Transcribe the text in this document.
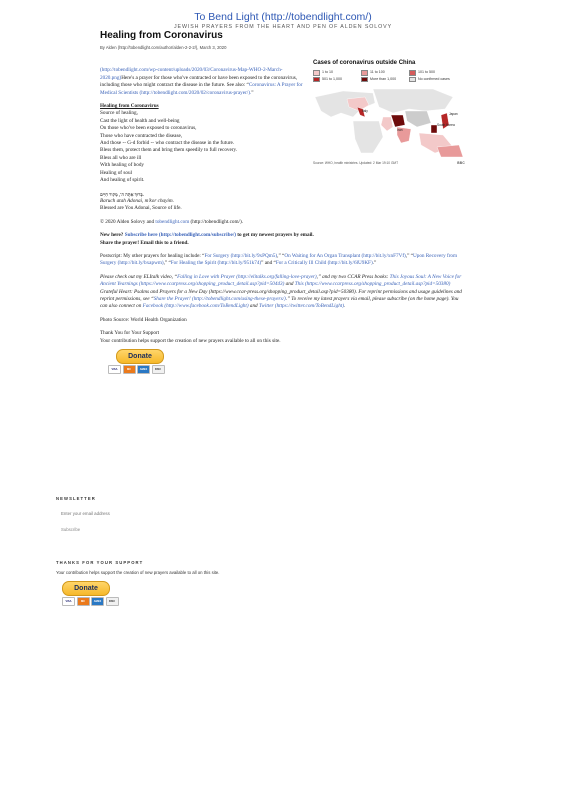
To Bend Light (http://tobendlight.com/)
JEWISH PRAYERS FROM THE HEART AND PEN OF ALDEN SOLOVY
Healing from Coronavirus
By Alden (http://tobendlight.com/author/alden-2-2-2/), March 3, 2020
(http://tobendlight.com/wp-content/uploads/2020/03/Coronavirus-Map-WHO-2-March-2020.png)Here's a prayer for those who've contracted or have been exposed to the coronavirus, including those who might contract the disease in the future. See also: “Coronavirus: A Prayer for Medical Scientists (http://tobendlight.com/2020/02/coronavirus-prayer/).”
Cases of coronavirus outside China
1 to 10	11 to 100	101 to 500
501 to 1,000	More than 1,000	No confirmed cases
Italy
Iran
Japan
South Korea
Source: WHO, health ministries. Updated: 2 Mar 19:10 GMT	BBC
Healing from Coronavirus
Source of healing,
Cast the light of health and well-being
On those who've been exposed to coronavirus,
Those who have contracted the disease,
And those -- G-d forbid -- who contract the disease in the future.
Bless them, protect them and bring them speedily to full recovery.
Bless all who are ill
With healing of body
Healing of soul
And healing of spirit.
בָּרוּךְ אַתָּה ה', מְקוֹר חַיִּים.
Baruch atah Adonai, m'kor chayim.
Blessed are You Adonai, Source of life.
© 2020 Alden Solovy and tobendlight.com (http://tobendlight.com/).
New here? Subscribe here (http://tobendlight.com/subscribe/) to get my newest prayers by email.
Share the prayer! Email this to a friend.
Postscript: My other prayers for healing include: “For Surgery (http://bit.ly/9xPQm5),” “On Waiting for An Organ Transplant (http://bit.ly/xnF7Vf),” “Upon Recovery from Surgery (http://bit.ly/bxapwm),” “For Healing the Spirit (http://bit.ly/951k74)” and “For a Critically Ill Child (http://bit.ly/6lU9KF).”
Please check out my ELItalk video, “Falling in Love with Prayer (http://elitalks.org/falling-love-prayer),” and my two CCAR Press books: This Joyous Soul: A New Voice for Ancient Yearnings (https://www.ccarpress.org/shopping_product_detail.asp?pid=50443) and This (https://www.ccarpress.org/shopping_product_detail.asp?pid=50380) Grateful Heart: Psalms and Prayers for a New Day (https://www.ccar-press.org/shopping_product_detail.asp?pid=50380). For reprint permissions and usage guidelines and reprint permissions, see “Share the Prayer! (http://tobendlight.com/using-these-prayers/).” To receive my latest prayers via email, please subscribe (on the home page). You can also connect on Facebook (http://www.facebook.com/ToBendLight) and Twitter (https://twitter.com/ToBendLight).
Photo Source: World Health Organization
Thank You for Your Support
Your contribution helps support the creation of new prayers available to all on this site.
Donate
VISA	MC	AMEX	DISC
NEWSLETTER
Enter your email address
Subscribe
THANKS FOR YOUR SUPPORT
Your contribution helps support the creation of new prayers available to all on this site.
Donate
VISA	MC	AMEX	DISC
